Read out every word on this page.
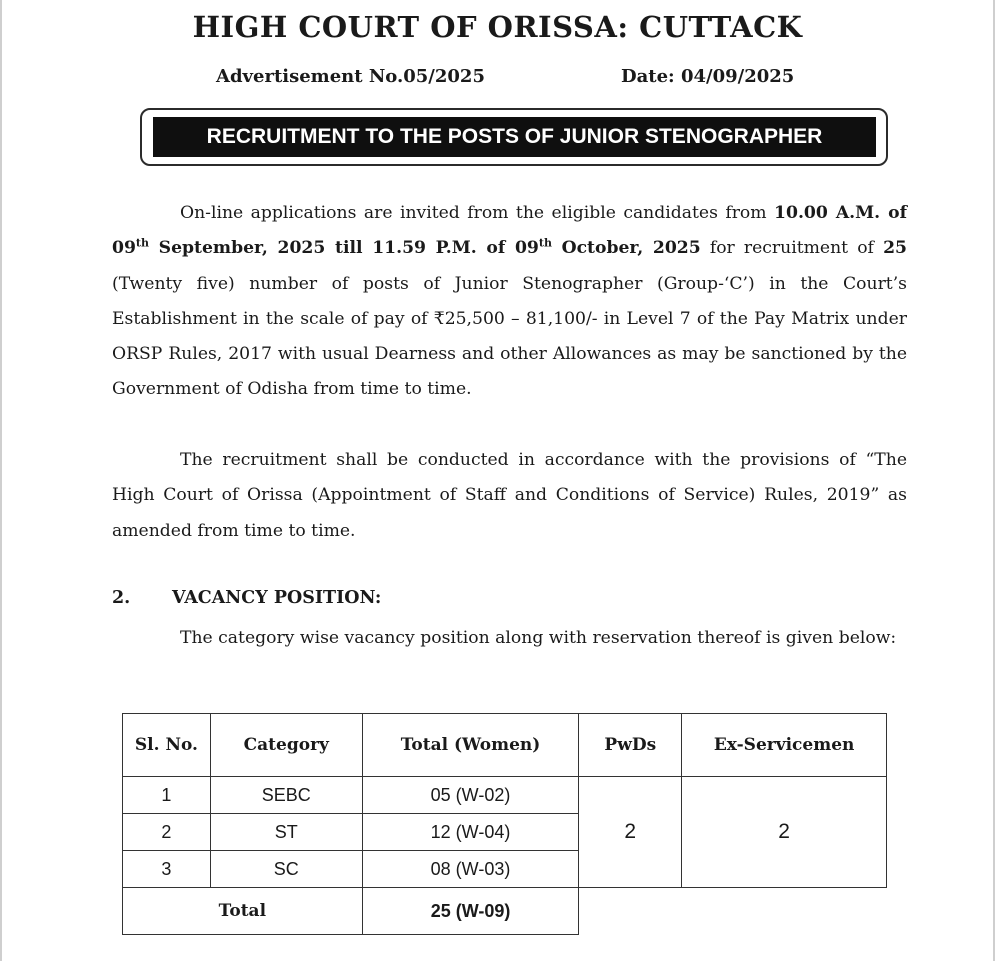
HIGH COURT OF ORISSA: CUTTACK
Advertisement No.05/2025	Date: 04/09/2025
RECRUITMENT TO THE POSTS OF JUNIOR STENOGRAPHER

On-line applications are invited from the eligible candidates from 10.00 A.M. of 09th September, 2025 till 11.59 P.M. of 09th October, 2025 for recruitment of 25 (Twenty five) number of posts of Junior Stenographer (Group-‘C’) in the Court’s Establishment in the scale of pay of ₹25,500 – 81,100/- in Level 7 of the Pay Matrix under ORSP Rules, 2017 with usual Dearness and other Allowances as may be sanctioned by the Government of Odisha from time to time.

The recruitment shall be conducted in accordance with the provisions of “The High Court of Orissa (Appointment of Staff and Conditions of Service) Rules, 2019” as amended from time to time.

2. VACANCY POSITION:

The category wise vacancy position along with reservation thereof is given below:

Sl. No.	Category	Total (Women)	PwDs	Ex-Servicemen
1	SEBC	05 (W-02)	2	2
2	ST	12 (W-04)		
3	SC	08 (W-03)		
Total		25 (W-09)		
